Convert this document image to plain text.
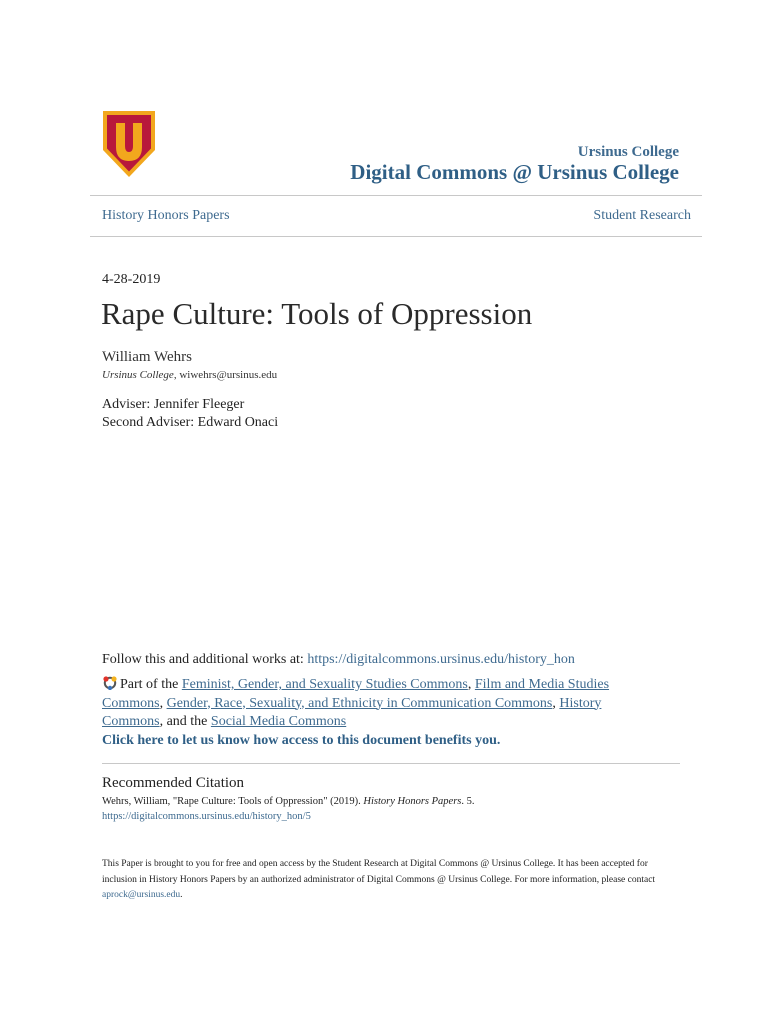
Ursinus College
Digital Commons @ Ursinus College
History Honors Papers	Student Research
4-28-2019
Rape Culture: Tools of Oppression
William Wehrs
Ursinus College, wiwehrs@ursinus.edu
Adviser: Jennifer Fleeger
Second Adviser: Edward Onaci
Follow this and additional works at: https://digitalcommons.ursinus.edu/history_hon
Part of the Feminist, Gender, and Sexuality Studies Commons, Film and Media Studies Commons, Gender, Race, Sexuality, and Ethnicity in Communication Commons, History Commons, and the Social Media Commons
Click here to let us know how access to this document benefits you.
Recommended Citation
Wehrs, William, "Rape Culture: Tools of Oppression" (2019). History Honors Papers. 5.
https://digitalcommons.ursinus.edu/history_hon/5
This Paper is brought to you for free and open access by the Student Research at Digital Commons @ Ursinus College. It has been accepted for inclusion in History Honors Papers by an authorized administrator of Digital Commons @ Ursinus College. For more information, please contact aprock@ursinus.edu.
